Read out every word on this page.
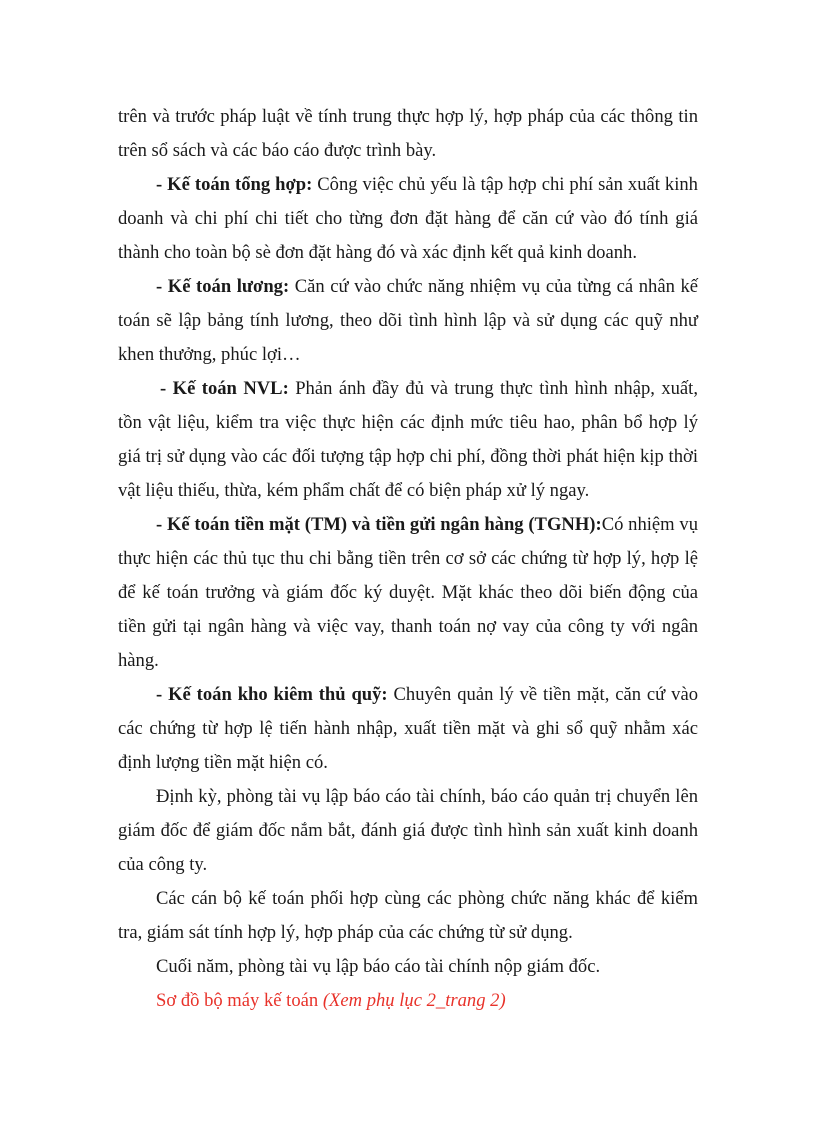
trên và trước pháp luật về tính trung thực hợp lý, hợp pháp của các thông tin trên sổ sách và các báo cáo được trình bày.

- Kế toán tổng hợp: Công việc chủ yếu là tập hợp chi phí sản xuất kinh doanh và chi phí chi tiết cho từng đơn đặt hàng để căn cứ vào đó tính giá thành cho toàn bộ sè đơn đặt hàng đó và xác định kết quả kinh doanh.

- Kế toán lương: Căn cứ vào chức năng nhiệm vụ của từng cá nhân kế toán sẽ lập bảng tính lương, theo dõi tình hình lập và sử dụng các quỹ như khen thưởng, phúc lợi…

- Kế toán NVL: Phản ánh đầy đủ và trung thực tình hình nhập, xuất, tồn vật liệu, kiểm tra việc thực hiện các định mức tiêu hao, phân bổ hợp lý giá trị sử dụng vào các đối tượng tập hợp chi phí, đồng thời phát hiện kịp thời vật liệu thiếu, thừa, kém phẩm chất để có biện pháp xử lý ngay.

- Kế toán tiền mặt (TM) và tiền gửi ngân hàng (TGNH):Có nhiệm vụ thực hiện các thủ tục thu chi bằng tiền trên cơ sở các chứng từ hợp lý, hợp lệ để kế toán trưởng và giám đốc ký duyệt. Mặt khác theo dõi biến động của tiền gửi tại ngân hàng và việc vay, thanh toán nợ vay của công ty với ngân hàng.

- Kế toán kho kiêm thủ quỹ: Chuyên quản lý về tiền mặt, căn cứ vào các chứng từ hợp lệ tiến hành nhập, xuất tiền mặt và ghi sổ quỹ nhằm xác định lượng tiền mặt hiện có.

Định kỳ, phòng tài vụ lập báo cáo tài chính, báo cáo quản trị chuyển lên giám đốc để giám đốc nắm bắt, đánh giá được tình hình sản xuất kinh doanh của công ty.

Các cán bộ kế toán phối hợp cùng các phòng chức năng khác để kiểm tra, giám sát tính hợp lý, hợp pháp của các chứng từ sử dụng.

Cuối năm, phòng tài vụ lập báo cáo tài chính nộp giám đốc.

Sơ đồ bộ máy kế toán (Xem phụ lục 2_trang 2)
